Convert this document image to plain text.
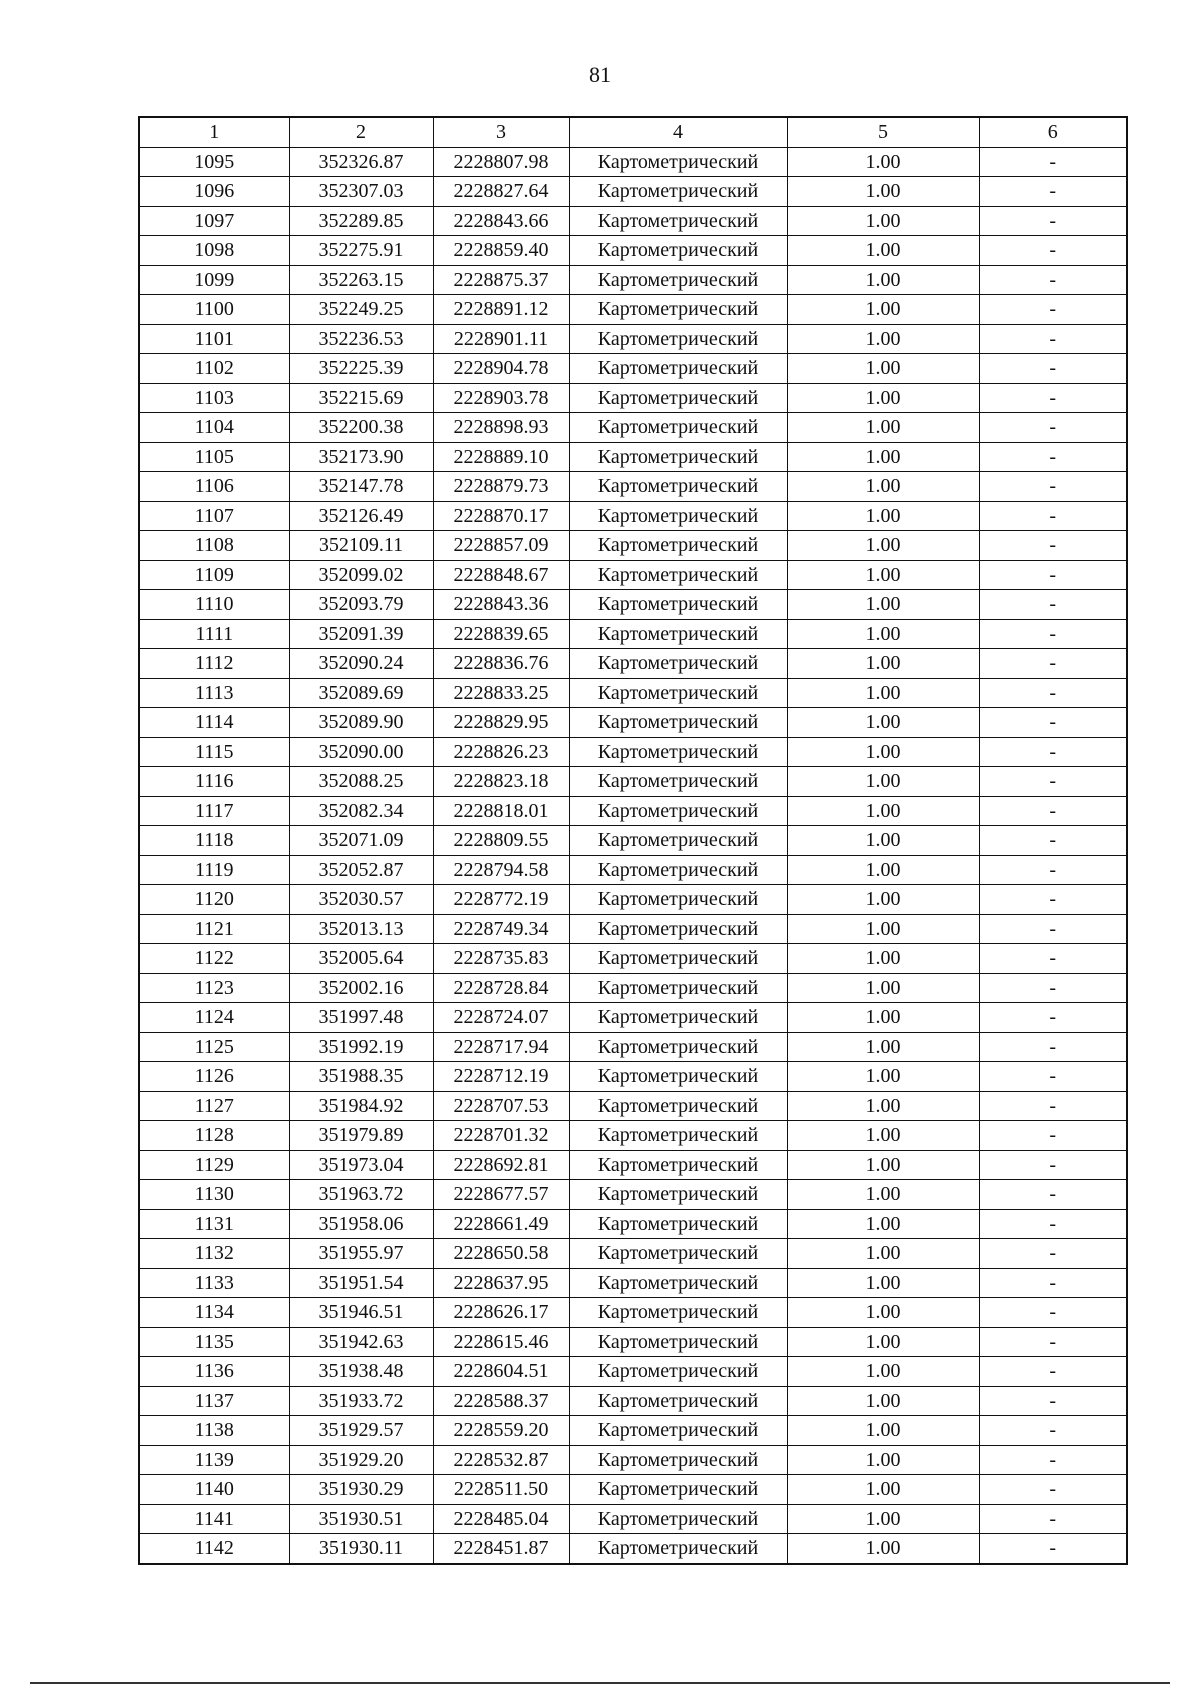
81
1	2	3	4	5	6
1095	352326.87	2228807.98	Картометрический	1.00	-
1096	352307.03	2228827.64	Картометрический	1.00	-
1097	352289.85	2228843.66	Картометрический	1.00	-
1098	352275.91	2228859.40	Картометрический	1.00	-
1099	352263.15	2228875.37	Картометрический	1.00	-
1100	352249.25	2228891.12	Картометрический	1.00	-
1101	352236.53	2228901.11	Картометрический	1.00	-
1102	352225.39	2228904.78	Картометрический	1.00	-
1103	352215.69	2228903.78	Картометрический	1.00	-
1104	352200.38	2228898.93	Картометрический	1.00	-
1105	352173.90	2228889.10	Картометрический	1.00	-
1106	352147.78	2228879.73	Картометрический	1.00	-
1107	352126.49	2228870.17	Картометрический	1.00	-
1108	352109.11	2228857.09	Картометрический	1.00	-
1109	352099.02	2228848.67	Картометрический	1.00	-
1110	352093.79	2228843.36	Картометрический	1.00	-
1111	352091.39	2228839.65	Картометрический	1.00	-
1112	352090.24	2228836.76	Картометрический	1.00	-
1113	352089.69	2228833.25	Картометрический	1.00	-
1114	352089.90	2228829.95	Картометрический	1.00	-
1115	352090.00	2228826.23	Картометрический	1.00	-
1116	352088.25	2228823.18	Картометрический	1.00	-
1117	352082.34	2228818.01	Картометрический	1.00	-
1118	352071.09	2228809.55	Картометрический	1.00	-
1119	352052.87	2228794.58	Картометрический	1.00	-
1120	352030.57	2228772.19	Картометрический	1.00	-
1121	352013.13	2228749.34	Картометрический	1.00	-
1122	352005.64	2228735.83	Картометрический	1.00	-
1123	352002.16	2228728.84	Картометрический	1.00	-
1124	351997.48	2228724.07	Картометрический	1.00	-
1125	351992.19	2228717.94	Картометрический	1.00	-
1126	351988.35	2228712.19	Картометрический	1.00	-
1127	351984.92	2228707.53	Картометрический	1.00	-
1128	351979.89	2228701.32	Картометрический	1.00	-
1129	351973.04	2228692.81	Картометрический	1.00	-
1130	351963.72	2228677.57	Картометрический	1.00	-
1131	351958.06	2228661.49	Картометрический	1.00	-
1132	351955.97	2228650.58	Картометрический	1.00	-
1133	351951.54	2228637.95	Картометрический	1.00	-
1134	351946.51	2228626.17	Картометрический	1.00	-
1135	351942.63	2228615.46	Картометрический	1.00	-
1136	351938.48	2228604.51	Картометрический	1.00	-
1137	351933.72	2228588.37	Картометрический	1.00	-
1138	351929.57	2228559.20	Картометрический	1.00	-
1139	351929.20	2228532.87	Картометрический	1.00	-
1140	351930.29	2228511.50	Картометрический	1.00	-
1141	351930.51	2228485.04	Картометрический	1.00	-
1142	351930.11	2228451.87	Картометрический	1.00	-
